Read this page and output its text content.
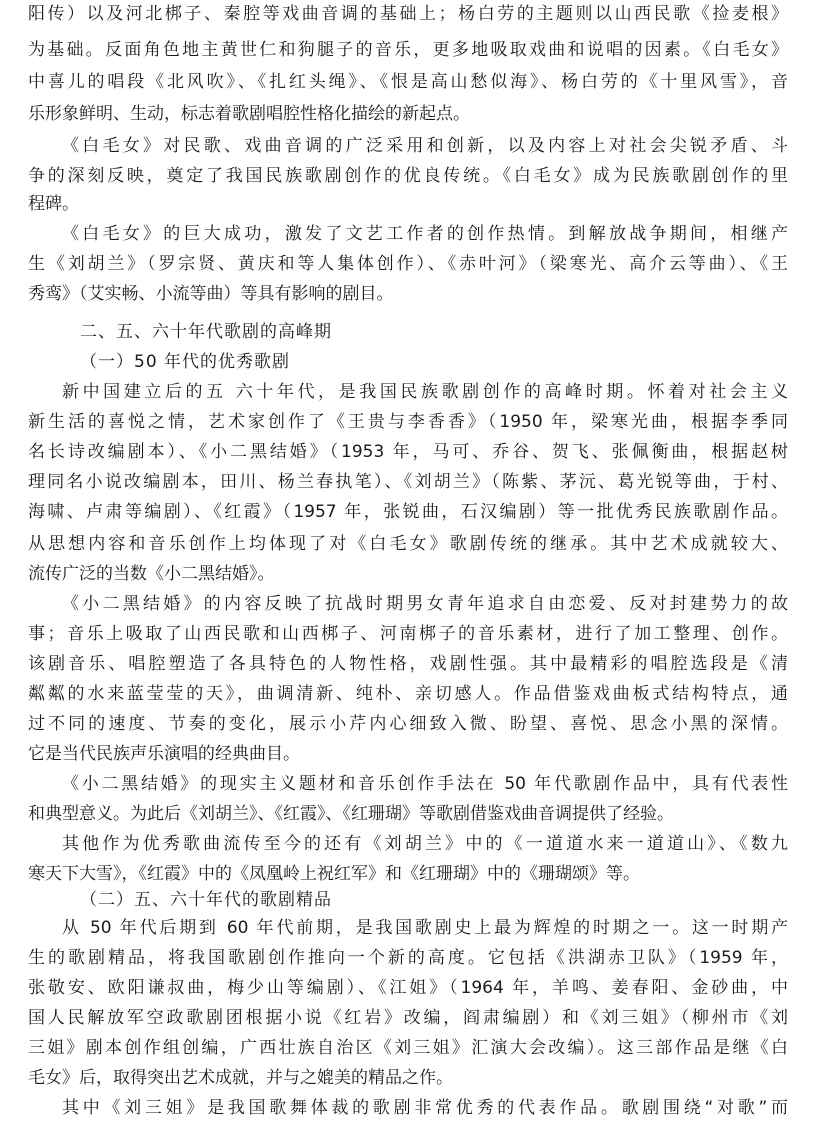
阳传）以及河北梆子、秦腔等戏曲音调的基础上；杨白劳的主题则以山西民歌《捡麦根》
为基础。反面角色地主黄世仁和狗腿子的音乐，更多地吸取戏曲和说唱的因素。《白毛女》
中喜儿的唱段《北风吹》、《扎红头绳》、《恨是高山愁似海》、杨白劳的《十里风雪》，音
乐形象鲜明、生动，标志着歌剧唱腔性格化描绘的新起点。
《白毛女》对民歌、戏曲音调的广泛采用和创新，以及内容上对社会尖锐矛盾、斗
争的深刻反映，奠定了我国民族歌剧创作的优良传统。《白毛女》成为民族歌剧创作的里
程碑。
《白毛女》的巨大成功，激发了文艺工作者的创作热情。到解放战争期间，相继产
生《刘胡兰》（罗宗贤、黄庆和等人集体创作）、《赤叶河》（梁寒光、高介云等曲）、《王
秀鸾》（艾实畅、小流等曲）等具有影响的剧目。
二、五、六十年代歌剧的高峰期
（一）50 年代的优秀歌剧
新中国建立后的五 六十年代，是我国民族歌剧创作的高峰时期。怀着对社会主义
新生活的喜悦之情，艺术家创作了《王贵与李香香》（1950 年，梁寒光曲，根据李季同
名长诗改编剧本）、《小二黑结婚》（1953 年，马可、乔谷、贺飞、张佩衡曲，根据赵树
理同名小说改编剧本，田川、杨兰春执笔）、《刘胡兰》（陈紫、茅沅、葛光锐等曲，于村、
海啸、卢肃等编剧）、《红霞》（1957 年，张锐曲，石汉编剧）等一批优秀民族歌剧作品。
从思想内容和音乐创作上均体现了对《白毛女》歌剧传统的继承。其中艺术成就较大、
流传广泛的当数《小二黑结婚》。
《小二黑结婚》的内容反映了抗战时期男女青年追求自由恋爱、反对封建势力的故
事；音乐上吸取了山西民歌和山西梆子、河南梆子的音乐素材，进行了加工整理、创作。
该剧音乐、唱腔塑造了各具特色的人物性格，戏剧性强。其中最精彩的唱腔选段是《清
粼粼的水来蓝莹莹的天》，曲调清新、纯朴、亲切感人。作品借鉴戏曲板式结构特点，通
过不同的速度、节奏的变化，展示小芹内心细致入微、盼望、喜悦、思念小黑的深情。
它是当代民族声乐演唱的经典曲目。
《小二黑结婚》的现实主义题材和音乐创作手法在 50 年代歌剧作品中，具有代表性
和典型意义。为此后《刘胡兰》、《红霞》、《红珊瑚》等歌剧借鉴戏曲音调提供了经验。
其他作为优秀歌曲流传至今的还有《刘胡兰》中的《一道道水来一道道山》、《数九
寒天下大雪》，《红霞》中的《凤凰岭上祝红军》和《红珊瑚》中的《珊瑚颂》等。
（二）五、六十年代的歌剧精品
从 50 年代后期到 60 年代前期，是我国歌剧史上最为辉煌的时期之一。这一时期产
生的歌剧精品，将我国歌剧创作推向一个新的高度。它包括《洪湖赤卫队》（1959 年，
张敬安、欧阳谦叔曲，梅少山等编剧）、《江姐》（1964 年，羊鸣、姜春阳、金砂曲，中
国人民解放军空政歌剧团根据小说《红岩》改编，阎肃编剧）和《刘三姐》（柳州市《刘
三姐》剧本创作组创编，广西壮族自治区《刘三姐》汇演大会改编）。这三部作品是继《白
毛女》后，取得突出艺术成就，并与之媲美的精品之作。
其中《刘三姐》是我国歌舞体裁的歌剧非常优秀的代表作品。歌剧围绕“对歌”而
